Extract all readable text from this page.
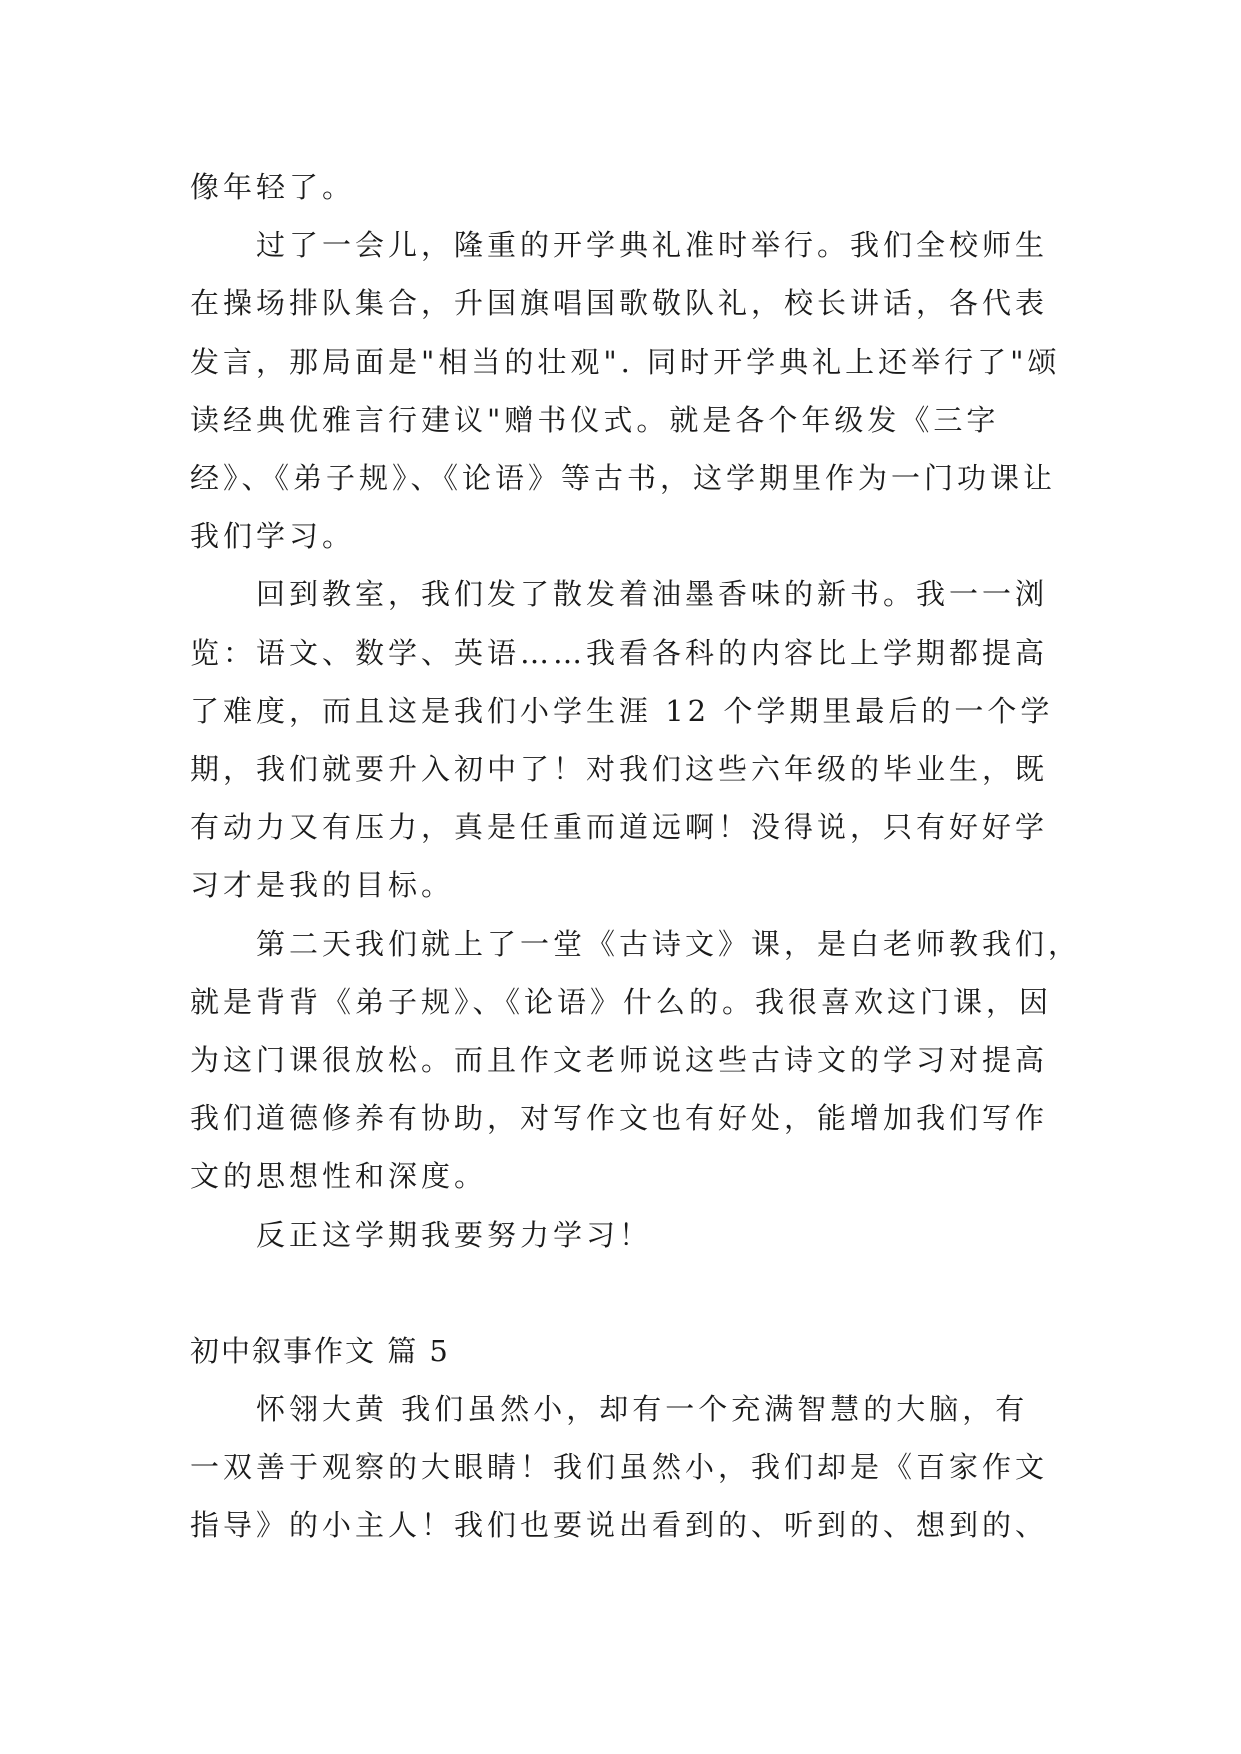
像年轻了。

过了一会儿，隆重的开学典礼准时举行。我们全校师生
在操场排队集合，升国旗唱国歌敬队礼，校长讲话，各代表
发言，那局面是"相当的壮观". 同时开学典礼上还举行了"颂
读经典优雅言行建议"赠书仪式。就是各个年级发《三字
经》、《弟子规》、《论语》等古书，这学期里作为一门功课让
我们学习。

回到教室，我们发了散发着油墨香味的新书。我一一浏
览：语文、数学、英语……我看各科的内容比上学期都提高
了难度，而且这是我们小学生涯 12 个学期里最后的一个学
期，我们就要升入初中了！对我们这些六年级的毕业生，既
有动力又有压力，真是任重而道远啊！没得说，只有好好学
习才是我的目标。

第二天我们就上了一堂《古诗文》课，是白老师教我们，
就是背背《弟子规》、《论语》什么的。我很喜欢这门课，因
为这门课很放松。而且作文老师说这些古诗文的学习对提高
我们道德修养有协助，对写作文也有好处，能增加我们写作
文的思想性和深度。

反正这学期我要努力学习！

初中叙事作文 篇 5

怀翎大黄 我们虽然小，却有一个充满智慧的大脑，有
一双善于观察的大眼睛！我们虽然小，我们却是《百家作文
指导》的小主人！我们也要说出看到的、听到的、想到的、
